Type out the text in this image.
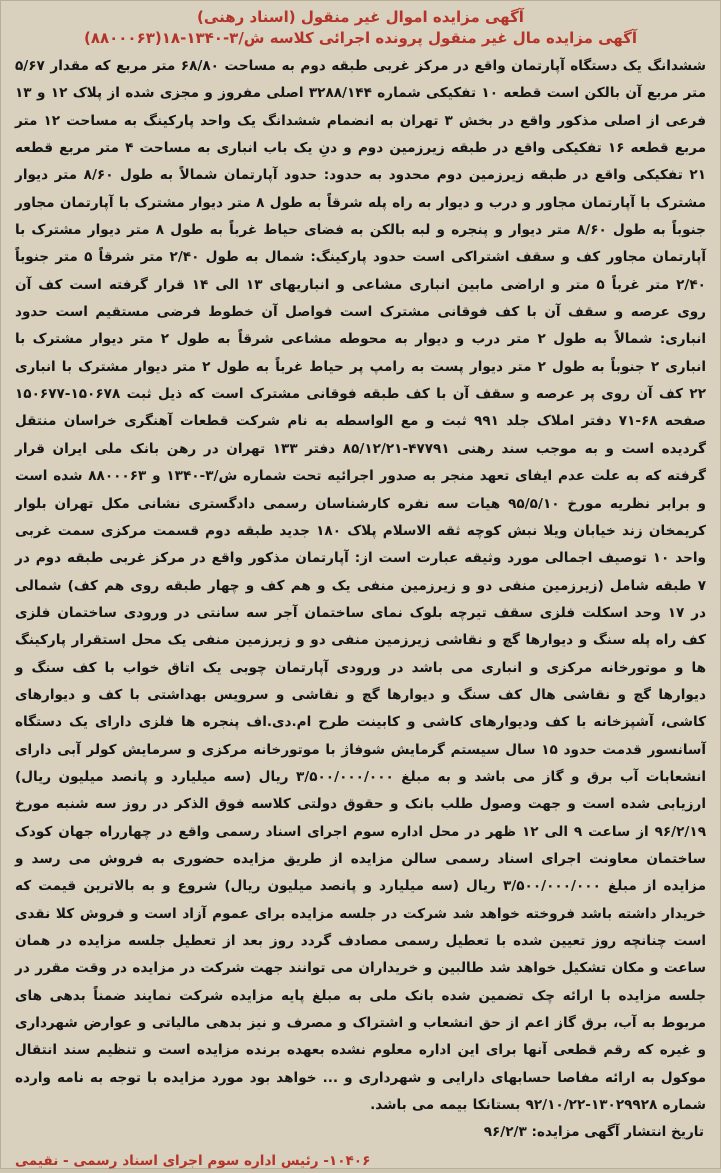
آگهی مزایده اموال غیر منقول (اسناد رهنی)
آگهی مزایده مال غیر منقول پرونده اجرائی کلاسه ش/۳-۱۳۴۰-۱۸(۸۸۰۰۰۶۳)

ششدانگ یک دستگاه آپارتمان واقع در مرکز غربی طبقه دوم به مساحت ۶۸/۸۰ متر مربع که مقدار ۵/۶۷ متر مربع آن بالکن است قطعه ۱۰ تفکیکی شماره ۳۲۸۸/۱۴۴ اصلی مفروز و مجزی شده از پلاک ۱۲ و ۱۳ فرعی از اصلی مذکور واقع در بخش ۳ تهران به انضمام ششدانگ یک واحد پارکینگ به مساحت ۱۲ متر مربع قطعه ۱۶ تفکیکی واقع در طبقه زیرزمین دوم و دنِ یک باب انباری به مساحت ۴ متر مربع قطعه ۲۱ تفکیکی واقع در طبقه زیرزمین دوم محدود به حدود: حدود آپارتمان شمالاً به طول ۸/۶۰ متر دیوار مشترک با آپارتمان مجاور و درب و دیوار به راه پله شرقاً به طول ۸ متر دیوار مشترک با آپارتمان مجاور جنوباً به طول ۸/۶۰ متر دیوار و پنجره و لبه بالکن به فضای حیاط غرباً به طول ۸ متر دیوار مشترک با آپارتمان مجاور کف و سقف اشتراکی است حدود پارکینگ: شمال به طول ۲/۴۰ متر شرقاً ۵ متر جنوباً ۲/۴۰ متر غرباً ۵ متر و اراضی مابین انباری مشاعی و انباریهای ۱۳ الی ۱۴ قرار گرفته است کف آن روی عرصه و سقف آن با کف فوقانی مشترک است فواصل آن خطوط فرضی مستقیم است حدود انباری: شمالاً به طول ۲ متر درب و دیوار به محوطه مشاعی شرقاً به طول ۲ متر دیوار مشترک با انباری ۲ جنوباً به طول ۲ متر دیوار پست به رامپ پر حیاط غرباً به طول ۲ متر دیوار مشترک با انباری ۲۲ کف آن روی پر عرصه و سقف آن با کف طبقه فوقانی مشترک است که ذیل ثبت ۱۵۰۶۷۸-۱۵۰۶۷۷ صفحه ۶۸-۷۱ دفتر املاک جلد ۹۹۱ ثبت و مع الواسطه به نام شرکت قطعات آهنگری خراسان منتقل گردیده است و به موجب سند رهنی ۴۷۷۹۱-۸۵/۱۲/۲۱ دفتر ۱۳۳ تهران در رهن بانک ملی ایران قرار گرفته که به علت عدم ایفای تعهد منجر به صدور اجرائیه تحت شماره ش/۳-۱۳۴۰ و ۸۸۰۰۰۶۳ شده است و برابر نظریه مورخ ۹۵/۵/۱۰ هیات سه نفره کارشناسان رسمی دادگستری نشانی مکل تهران بلوار کریمخان زند خیابان ویلا نبش کوچه ثقه الاسلام پلاک ۱۸۰ جدید طبقه دوم قسمت مرکزی سمت غربی واحد ۱۰ توصیف اجمالی مورد وثیقه عبارت است از: آپارتمان مذکور واقع در مرکز غربی طبقه دوم در ۷ طبقه شامل (زیرزمین منفی دو و زیرزمین منفی یک و هم کف و چهار طبقه روی هم کف) شمالی در ۱۷ وحد اسکلت فلزی سقف تیرچه بلوک نمای ساختمان آجر سه سانتی در ورودی ساختمان فلزی کف راه پله سنگ و دیوارها گچ و نقاشی زیرزمین منفی دو و زیرزمین منفی یک محل استقرار پارکینگ ها و موتورخانه مرکزی و انباری می باشد در ورودی آپارتمان چوبی یک اتاق خواب با کف سنگ و دیوارها گچ و نقاشی هال کف سنگ و دیوارها گچ و نقاشی و سرویس بهداشتی با کف و دیوارهای کاشی، آشپزخانه با کف ودیوارهای کاشی و کابینت طرح ام.دی.اف پنجره ها فلزی دارای یک دستگاه آسانسور قدمت حدود ۱۵ سال سیستم گرمایش شوفاژ با موتورخانه مرکزی و سرمایش کولر آبی دارای انشعابات آب برق و گاز می باشد و به مبلغ ۳/۵۰۰/۰۰۰/۰۰۰ ریال (سه میلیارد و پانصد میلیون ریال) ارزیابی شده است و جهت وصول طلب بانک و حقوق دولتی کلاسه فوق الذکر در روز سه شنبه مورخ ۹۶/۲/۱۹ از ساعت ۹ الی ۱۲ ظهر در محل اداره سوم اجرای اسناد رسمی واقع در چهارراه جهان کودک ساختمان معاونت اجرای اسناد رسمی سالن مزایده از طریق مزایده حضوری به فروش می رسد و مزایده از مبلغ ۳/۵۰۰/۰۰۰/۰۰۰ ریال (سه میلیارد و پانصد میلیون ریال) شروع و به بالاترین قیمت که خریدار داشته باشد فروخته خواهد شد شرکت در جلسه مزایده برای عموم آزاد است و فروش کلا نقدی است چنانچه روز تعیین شده با تعطیل رسمی مصادف گردد روز بعد از تعطیل جلسه مزایده در همان ساعت و مکان تشکیل خواهد شد طالبین و خریداران می توانند جهت شرکت در مزایده در وقت مقرر در جلسه مزایده با ارائه چک تضمین شده بانک ملی به مبلغ پایه مزایده شرکت نمایند ضمناً بدهی های مربوط به آب، برق گاز اعم از حق انشعاب و اشتراک و مصرف و نیز بدهی مالیاتی و عوارض شهرداری و غیره که رقم قطعی آنها برای این اداره معلوم نشده بعهده برنده مزایده است و تنظیم سند انتقال موکول به ارائه مفاصا حسابهای دارایی و شهرداری و ... خواهد بود مورد مزایده با توجه به نامه وارده شماره ۱۳۰۲۹۹۲۸-۹۲/۱۰/۲۲ بستانکا بیمه می باشد.

تاریخ انتشار آگهی مزایده: ۹۶/۲/۳
۱۰۴۰۶- رئیس اداره سوم اجرای اسناد رسمی - نقیمی
